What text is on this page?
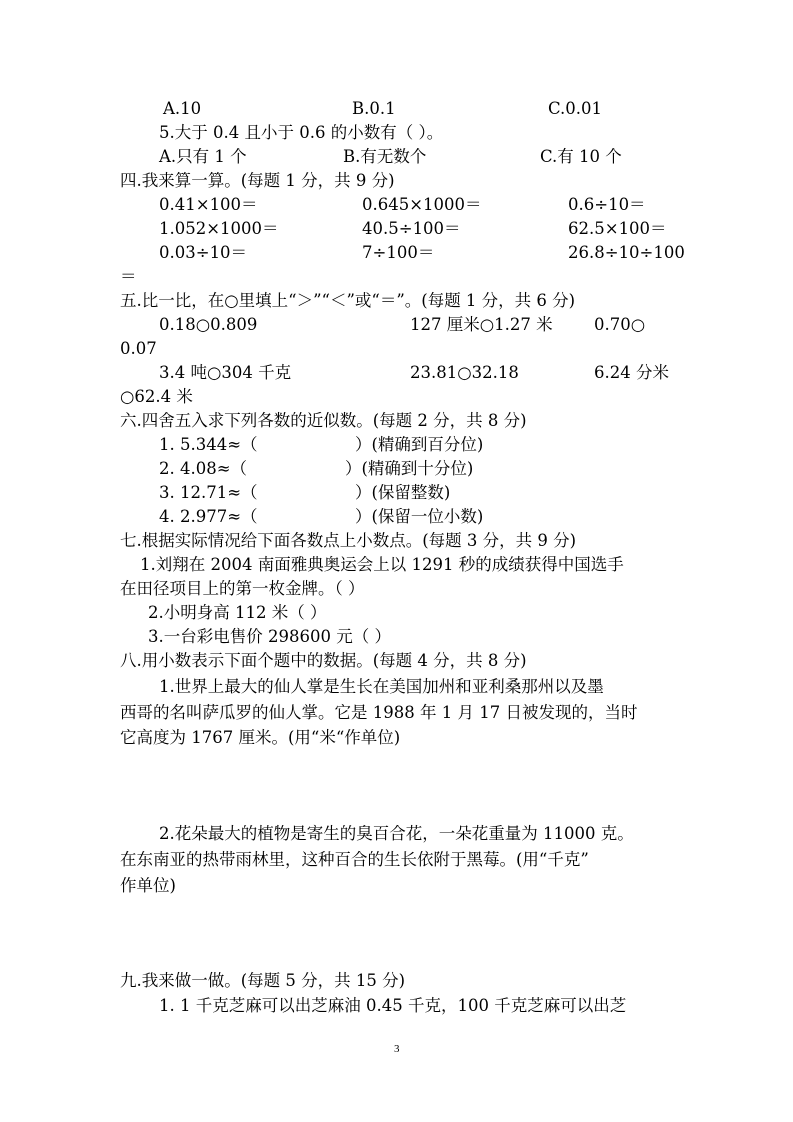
A.10	B.0.1	C.0.01
5.大于 0.4 且小于 0.6 的小数有（ ）。
A.只有 1 个	B.有无数个	C.有 10 个
四.我来算一算。(每题 1 分，共 9 分)
0.41×100＝	0.645×1000＝	0.6÷10＝
1.052×1000＝	40.5÷100＝	62.5×100＝
0.03÷10＝	7÷100＝	26.8÷10÷100
＝
五.比一比，在○里填上“＞”“＜”或“＝”。(每题 1 分，共 6 分)
0.18○0.809	127 厘米○1.27 米	0.70○
0.07
3.4 吨○304 千克	23.81○32.18	6.24 分米
○62.4 米
六.四舍五入求下列各数的近似数。(每题 2 分，共 8 分)
1. 5.344≈（	）(精确到百分位)
2. 4.08≈（	）(精确到十分位)
3. 12.71≈（	）(保留整数)
4. 2.977≈（	）(保留一位小数)
七.根据实际情况给下面各数点上小数点。(每题 3 分，共 9 分)
1.刘翔在 2004 南面雅典奥运会上以 1291 秒的成绩获得中国选手
在田径项目上的第一枚金牌。（ ）
2.小明身高 112 米（ ）
3.一台彩电售价 298600 元（ ）
八.用小数表示下面个题中的数据。(每题 4 分，共 8 分)
1.世界上最大的仙人掌是生长在美国加州和亚利桑那州以及墨
西哥的名叫萨瓜罗的仙人掌。它是 1988 年 1 月 17 日被发现的，当时
它高度为 1767 厘米。(用“米“作单位)
2.花朵最大的植物是寄生的臭百合花，一朵花重量为 11000 克。
在东南亚的热带雨林里，这种百合的生长依附于黑莓。(用“千克”
作单位)
九.我来做一做。(每题 5 分，共 15 分)
1. 1 千克芝麻可以出芝麻油 0.45 千克，100 千克芝麻可以出芝
3
